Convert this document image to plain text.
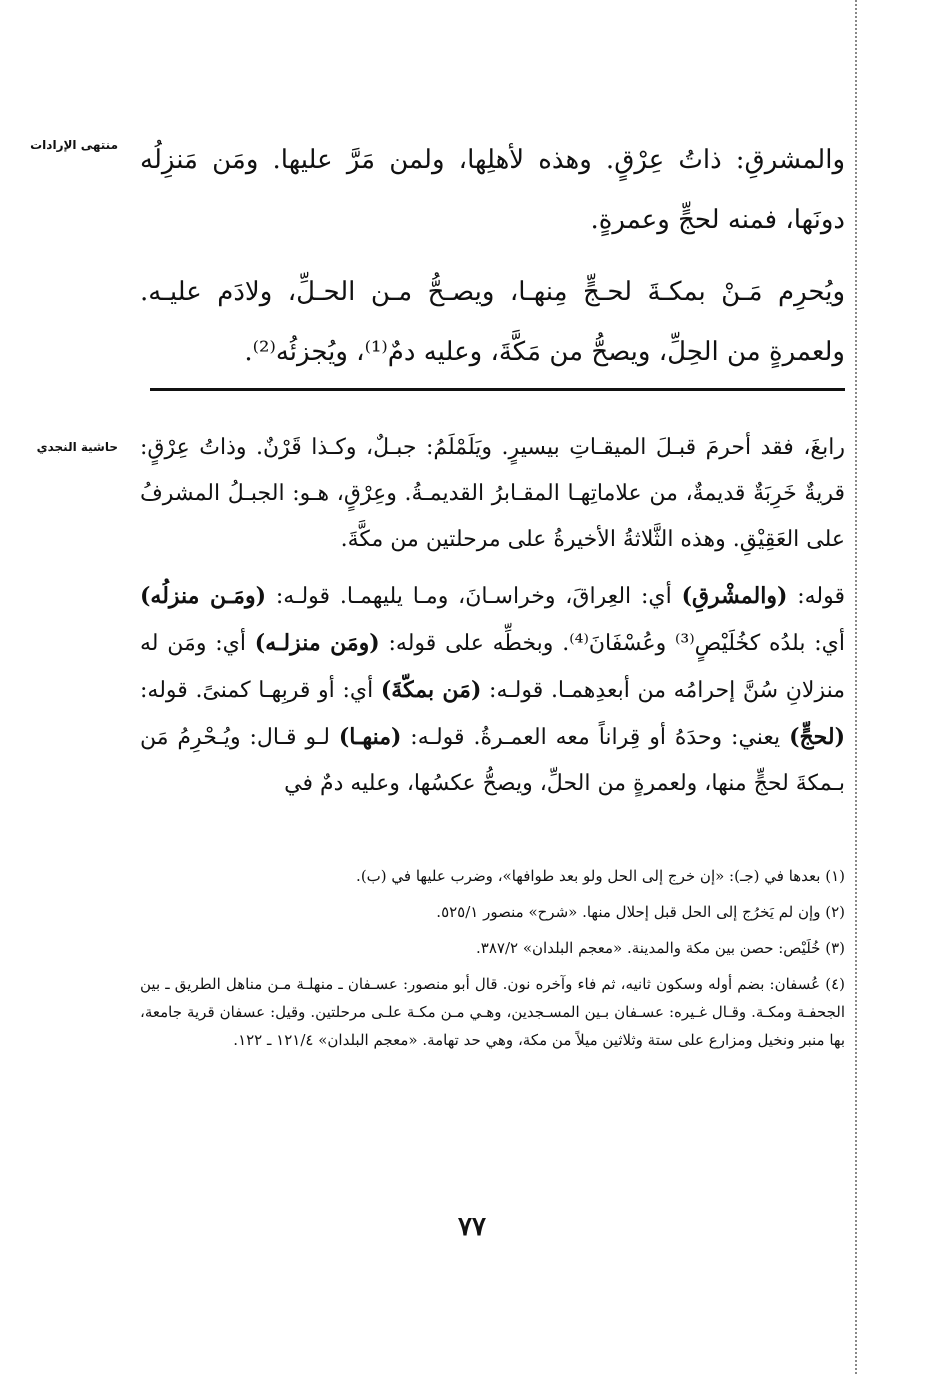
منتهى الإرادات والمشرقِ: ذاتُ عِرْقٍ. وهذه لأهلِها، ولمن مَرَّ عليها. ومَن مَنزِلُه دونَها، فمنه لحجٍّ وعمرةٍ.

ويُحرِم مَـنْ بمكـةَ لحـجٍّ مِنهـا، ويصـحُّ مـن الحـلِّ، ولادَم عليـه. ولعمرةٍ من الحِلِّ، ويصحُّ من مَكَّةَ، وعليه دمٌ⁽¹⁾، ويُجزئُه⁽²⁾.

حاشية النجدي رابغَ، فقد أحرمَ قبـلَ الميقـاتِ بيسيرٍ. ويَلَمْلَمُ: جبـلٌ، وكـذا قَرْنٌ. وذاتُ عِرْقٍ: قريةٌ خَرِبَةٌ قديمةٌ، من علاماتِهـا المقـابرُ القديمـةُ. وعِرْقٍ، هـو: الجبـلُ المشرفُ على العَقِيْقِ. وهذه الثَّلاثةُ الأخيرةُ على مرحلتين من مكَّةَ.

قوله: (والمشْرقِ) أي: العِراقَ، وخراسـانَ، ومـا يليهمـا. قولـه: (ومَـن منزلُه) أي: بلدُه كخُلَيْصٍ⁽³⁾ وعُسْفَانَ⁽⁴⁾. وبخطِّه على قوله: (ومَن منزلـه) أي: ومَن له منزلانِ سُنَّ إحرامُه من أبعدِهمـا. قولـه: (مَن بمكّةَ) أي: أو قربِهـا كمنىً. قوله: (لحجٍّ) يعني: وحدَهُ أو قِراناً معه العمـرةُ. قولـه: (منهـا) لـو قـال: ويُـحْرِمُ مَن بـمكةَ لحجٍّ منها، ولعمرةٍ من الحلِّ، ويصحُّ عكسُها، وعليه دمٌ في

(١) بعدها في (جـ): «إن خرج إلى الحل ولو بعد طوافها»، وضرب عليها في (ب).

(٢) وإن لم يَخرُج إلى الحل قبل إحلال منها. «شرح» منصور ٥٢٥/١.

(٣) خُلَيْص: حصن بين مكة والمدينة. «معجم البلدان» ٣٨٧/٢.

(٤) عُسفان: بضم أوله وسكون ثانيه، ثم فاء وآخره نون. قال أبو منصور: عسـفان ـ منهلـة مـن مناهل الطريق ـ بين الجحفـة ومكـة. وقـال غـيره: عسـفان بـين المسـجدين، وهـي مـن مكـة علـى مرحلتين. وقيل: عسفان قرية جامعة، بها منبر ونخيل ومزارع على ستة وثلاثين ميلاً من مكة، وهي حد تهامة. «معجم البلدان» ١٢١/٤ ـ ١٢٢.

٧٧
